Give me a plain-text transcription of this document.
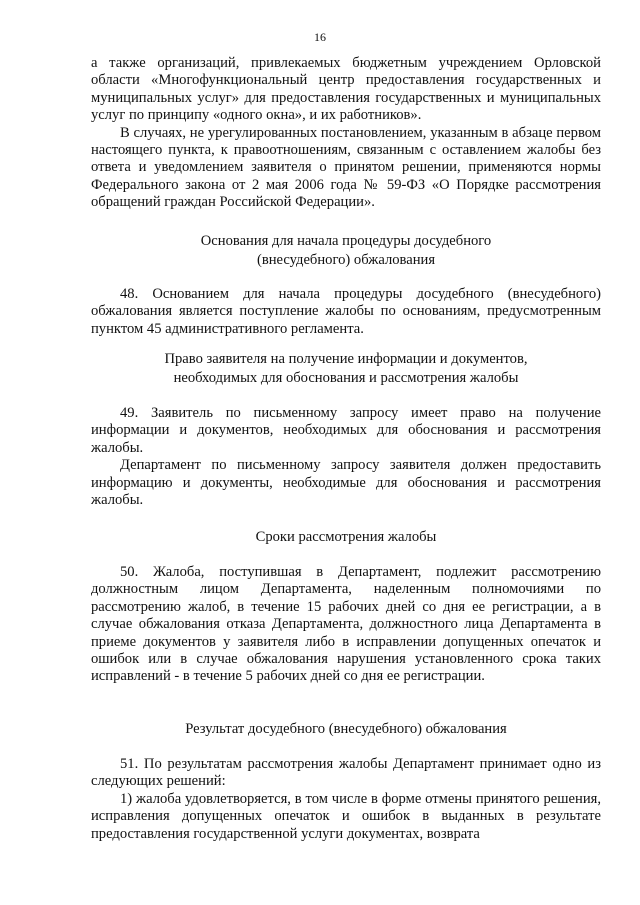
16

а также организаций, привлекаемых бюджетным учреждением Орловской области «Многофункциональный центр предоставления государственных и муниципальных услуг» для предоставления государственных и муниципальных услуг по принципу «одного окна», и их работников».

В случаях, не урегулированных постановлением, указанным в абзаце первом настоящего пункта, к правоотношениям, связанным с оставлением жалобы без ответа и уведомлением заявителя о принятом решении, применяются нормы Федерального закона от 2 мая 2006 года № 59-ФЗ «О Порядке рассмотрения обращений граждан Российской Федерации».

Основания для начала процедуры досудебного

(внесудебного) обжалования

48. Основанием для начала процедуры досудебного (внесудебного) обжалования является поступление жалобы по основаниям, предусмотренным пунктом 45 административного регламента.

Право заявителя на получение информации и документов,

необходимых для обоснования и рассмотрения жалобы

49. Заявитель по письменному запросу имеет право на получение информации и документов, необходимых для обоснования и рассмотрения жалобы.

Департамент по письменному запросу заявителя должен предоставить информацию и документы, необходимые для обоснования и рассмотрения жалобы.

Сроки рассмотрения жалобы

50. Жалоба, поступившая в Департамент, подлежит рассмотрению должностным лицом Департамента, наделенным полномочиями по рассмотрению жалоб, в течение 15 рабочих дней со дня ее регистрации, а в случае обжалования отказа Департамента, должностного лица Департамента в приеме документов у заявителя либо в исправлении допущенных опечаток и ошибок или в случае обжалования нарушения установленного срока таких исправлений - в течение 5 рабочих дней со дня ее регистрации.

Результат досудебного (внесудебного) обжалования

51. По результатам рассмотрения жалобы Департамент принимает одно из следующих решений:

1) жалоба удовлетворяется, в том числе в форме отмены принятого решения, исправления допущенных опечаток и ошибок в выданных в результате предоставления государственной услуги документах, возврата
